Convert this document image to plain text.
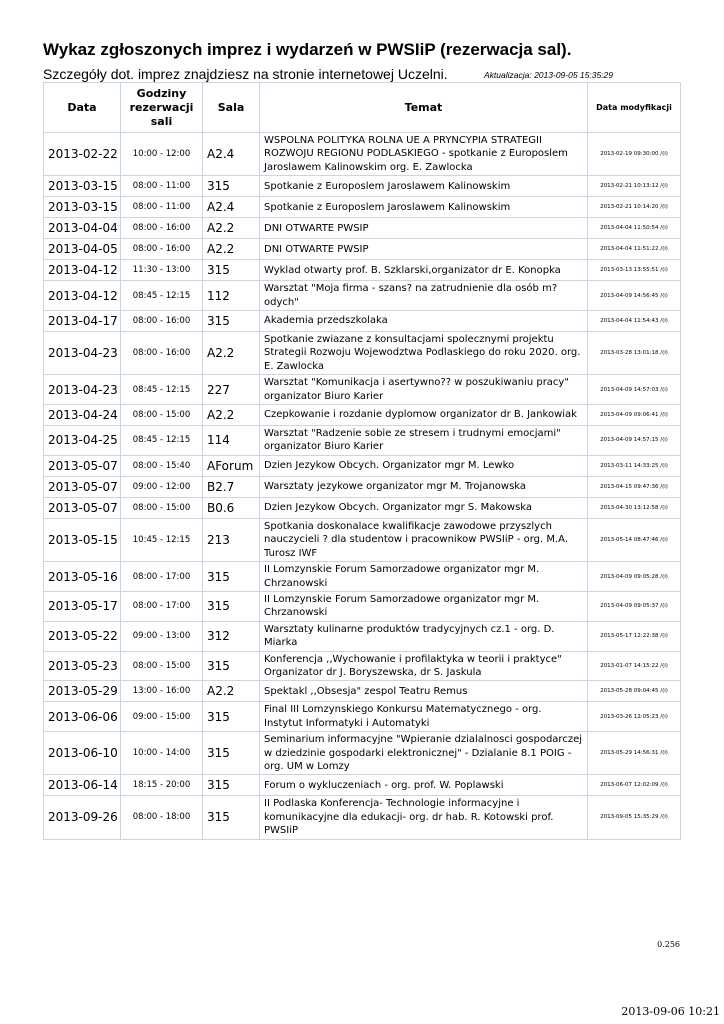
Wykaz zgłoszonych imprez i wydarzeń w PWSIiP (rezerwacja sal).
Szczegóły dot. imprez znajdziesz na stronie internetowej Uczelni.	Aktualizacja: 2013-09-05 15:35:29
Data	Godziny rezerwacji sali	Sala	Temat	Data modyfikacji
2013-02-22	10:00 - 12:00	A2.4	WSPOLNA POLITYKA ROLNA UE A PRYNCYPIA STRATEGII ROZWOJU REGIONU PODLASKIEGO - spotkanie z Europoslem Jaroslawem Kalinowskim org. E. Zawlocka	2013-02-19 09:30:00 /(i)
2013-03-15	08:00 - 11:00	315	Spotkanie z Europoslem Jaroslawem Kalinowskim	2013-02-21 10:13:12 /(i)
2013-03-15	08:00 - 11:00	A2.4	Spotkanie z Europoslem Jaroslawem Kalinowskim	2013-02-21 10:14:20 /(i)
2013-04-04	08:00 - 16:00	A2.2	DNI OTWARTE PWSIP	2013-04-04 11:50:54 /(i)
2013-04-05	08:00 - 16:00	A2.2	DNI OTWARTE PWSIP	2013-04-04 11:51:22 /(i)
2013-04-12	11:30 - 13:00	315	Wyklad otwarty prof. B. Szklarski,organizator dr E. Konopka	2013-03-13 13:55:51 /(i)
2013-04-12	08:45 - 12:15	112	Warsztat "Moja firma - szans? na zatrudnienie dla osób m?odych"	2013-04-09 14:56:45 /(i)
2013-04-17	08:00 - 16:00	315	Akademia przedszkolaka	2013-04-04 11:54:43 /(i)
2013-04-23	08:00 - 16:00	A2.2	Spotkanie zwiazane z konsultacjami spolecznymi projektu Strategii Rozwoju Wojewodztwa Podlaskiego do roku 2020. org. E. Zawlocka	2013-03-28 13:01:18 /(i)
2013-04-23	08:45 - 12:15	227	Warsztat "Komunikacja i asertywno?? w poszukiwaniu pracy" organizator Biuro Karier	2013-04-09 14:57:03 /(i)
2013-04-24	08:00 - 15:00	A2.2	Czepkowanie i rozdanie dyplomow organizator dr B. Jankowiak	2013-04-09 09:06:41 /(i)
2013-04-25	08:45 - 12:15	114	Warsztat "Radzenie sobie ze stresem i trudnymi emocjami" organizator Biuro Karier	2013-04-09 14:57:15 /(i)
2013-05-07	08:00 - 15:40	AForum	Dzien Jezykow Obcych. Organizator mgr M. Lewko	2013-03-11 14:33:25 /(i)
2013-05-07	09:00 - 12:00	B2.7	Warsztaty jezykowe organizator mgr M. Trojanowska	2013-04-15 09:47:36 /(i)
2013-05-07	08:00 - 15:00	B0.6	Dzien Jezykow Obcych. Organizator mgr S. Makowska	2013-04-30 13:12:58 /(i)
2013-05-15	10:45 - 12:15	213	Spotkania doskonalace kwalifikacje zawodowe przyszlych nauczycieli ? dla studentow i pracownikow PWSIiP - org. M.A. Turosz IWF	2013-05-14 08:47:46 /(i)
2013-05-16	08:00 - 17:00	315	II Lomzynskie Forum Samorzadowe organizator mgr M. Chrzanowski	2013-04-09 09:05:28 /(i)
2013-05-17	08:00 - 17:00	315	II Lomzynskie Forum Samorzadowe organizator mgr M. Chrzanowski	2013-04-09 09:05:37 /(i)
2013-05-22	09:00 - 13:00	312	Warsztaty kulinarne produktów tradycyjnych cz.1 - org. D. Miarka	2013-05-17 12:22:38 /(i)
2013-05-23	08:00 - 15:00	315	Konferencja ,,Wychowanie i profilaktyka w teorii i praktyce" Organizator dr J. Boryszewska, dr S. Jaskula	2013-01-07 14:15:22 /(i)
2013-05-29	13:00 - 16:00	A2.2	Spektakl ,,Obsesja" zespol Teatru Remus	2013-05-28 09:04:45 /(i)
2013-06-06	09:00 - 15:00	315	Final III Lomzynskiego Konkursu Matematycznego - org. Instytut Informatyki i Automatyki	2013-03-26 12:05:23 /(i)
2013-06-10	10:00 - 14:00	315	Seminarium informacyjne "Wpieranie dzialalnosci gospodarczej w dziedzinie gospodarki elektronicznej" - Dzialanie 8.1 POIG - org. UM w Lomzy	2013-05-29 14:56:31 /(i)
2013-06-14	18:15 - 20:00	315	Forum o wykluczeniach - org. prof. W. Poplawski	2013-06-07 12:02:09 /(i)
2013-09-26	08:00 - 18:00	315	II Podlaska Konferencja- Technologie informacyjne i komunikacyjne dla edukacji- org. dr hab. R. Kotowski prof. PWSIiP	2013-09-05 15:35:29 /(i)
0.256
2013-09-06 10:21
